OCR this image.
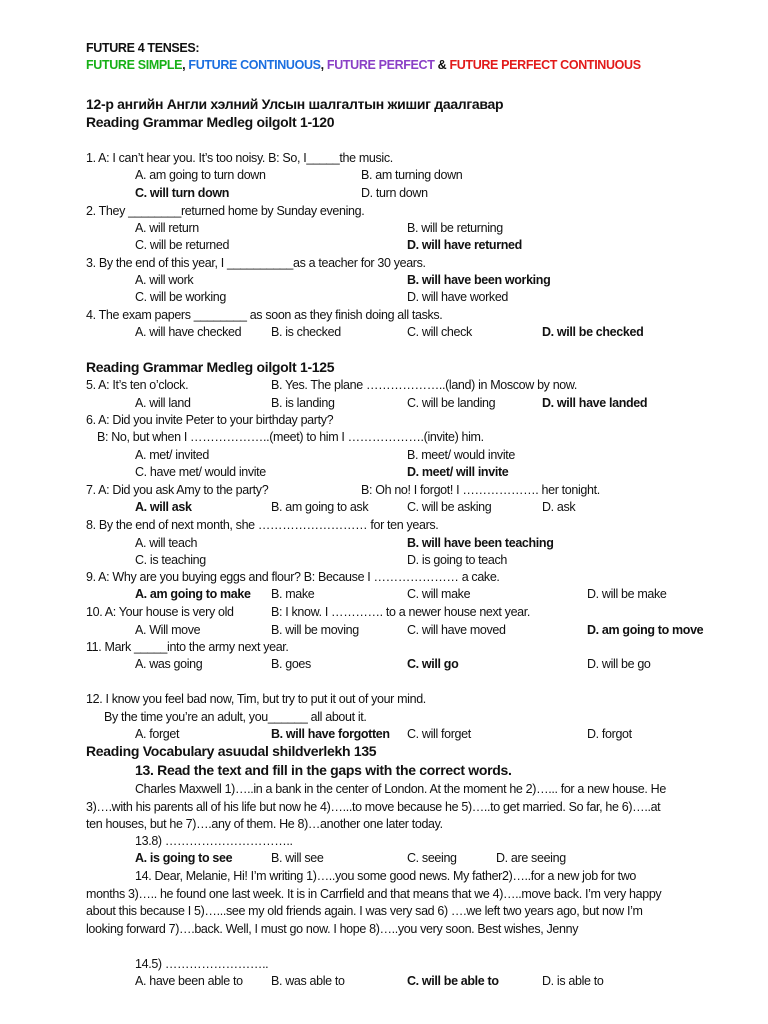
FUTURE 4 TENSES:
FUTURE SIMPLE, FUTURE CONTINUOUS, FUTURE PERFECT & FUTURE PERFECT CONTINUOUS
12-р ангийн Англи хэлний Улсын шалгалтын жишиг даалгавар
Reading Grammar Medleg oilgolt 1-120
1. A: I can’t hear you. It’s too noisy. B: So, I_____the music.
A. am going to turn down	B. am turning down
C. will turn down	D. turn down
2. They ________returned home by Sunday evening.
A. will return	B. will be returning
C. will be returned	D. will have returned
3. By the end of this year, I __________as a teacher for 30 years.
A. will work	B. will have been working
C. will be working	D. will have worked
4. The exam papers ________ as soon as they finish doing all tasks.
A. will have checked B. is checked	C. will check	D. will be checked
Reading Grammar Medleg oilgolt 1-125
5. A: It’s ten o’clock.	B. Yes. The plane ………………..(land) in Moscow by now.
A. will land	B. is landing	C. will be landing	D. will have landed
6. A: Did you invite Peter to your birthday party?
B: No, but when I ………………..(meet) to him I ……………….(invite) him.
A. met/ invited	B. meet/ would invite
C. have met/ would invite	D. meet/ will invite
7. A: Did you ask Amy to the party?	B: Oh no! I forgot! I ………………. her tonight.
A. will ask	B. am going to ask	C. will be asking	D. ask
8. By the end of next month, she ……………………… for ten years.
A. will teach	B. will have been teaching
C. is teaching	D. is going to teach
9. A: Why are you buying eggs and flour? B: Because I ………………… a cake.
A. am going to make B. make	C. will make	D. will be make
10. A: Your house is very old	B: I know. I …………. to a newer house next year.
A. Will move	B. will be moving	C. will have moved	D. am going to move
11. Mark _____into the army next year.
A. was going	B. goes	C. will go	D. will be go
12. I know you feel bad now, Tim, but try to put it out of your mind.
By the time you’re an adult, you______ all about it.
A. forget	B. will have forgotten C. will forget	D. forgot
Reading Vocabulary asuudal shildverlekh 135
13. Read the text and fill in the gaps with the correct words.
Charles Maxwell 1)…..in a bank in the center of London. At the moment he 2)…... for a new house. He
3)….with his parents all of his life but now he 4)…...to move because he 5)…..to get married. So far, he 6)…..at
ten houses, but he 7)….any of them. He 8)…another one later today.
13.8) …………………………..
A. is going to see	B. will see	C. seeing	D. are seeing
14. Dear, Melanie, Hi! I’m writing 1)…..you some good news. My father2)…..for a new job for two
months 3)….. he found one last week. It is in Carrfield and that means that we 4)…..move back. I’m very happy
about this because I 5)…...see my old friends again. I was very sad 6) ….we left two years ago, but now I’m
looking forward 7)….back. Well, I must go now. I hope 8)…..you very soon. Best wishes, Jenny
14.5) ……………………..
A. have been able to B. was able to	C. will be able to	D. is able to
